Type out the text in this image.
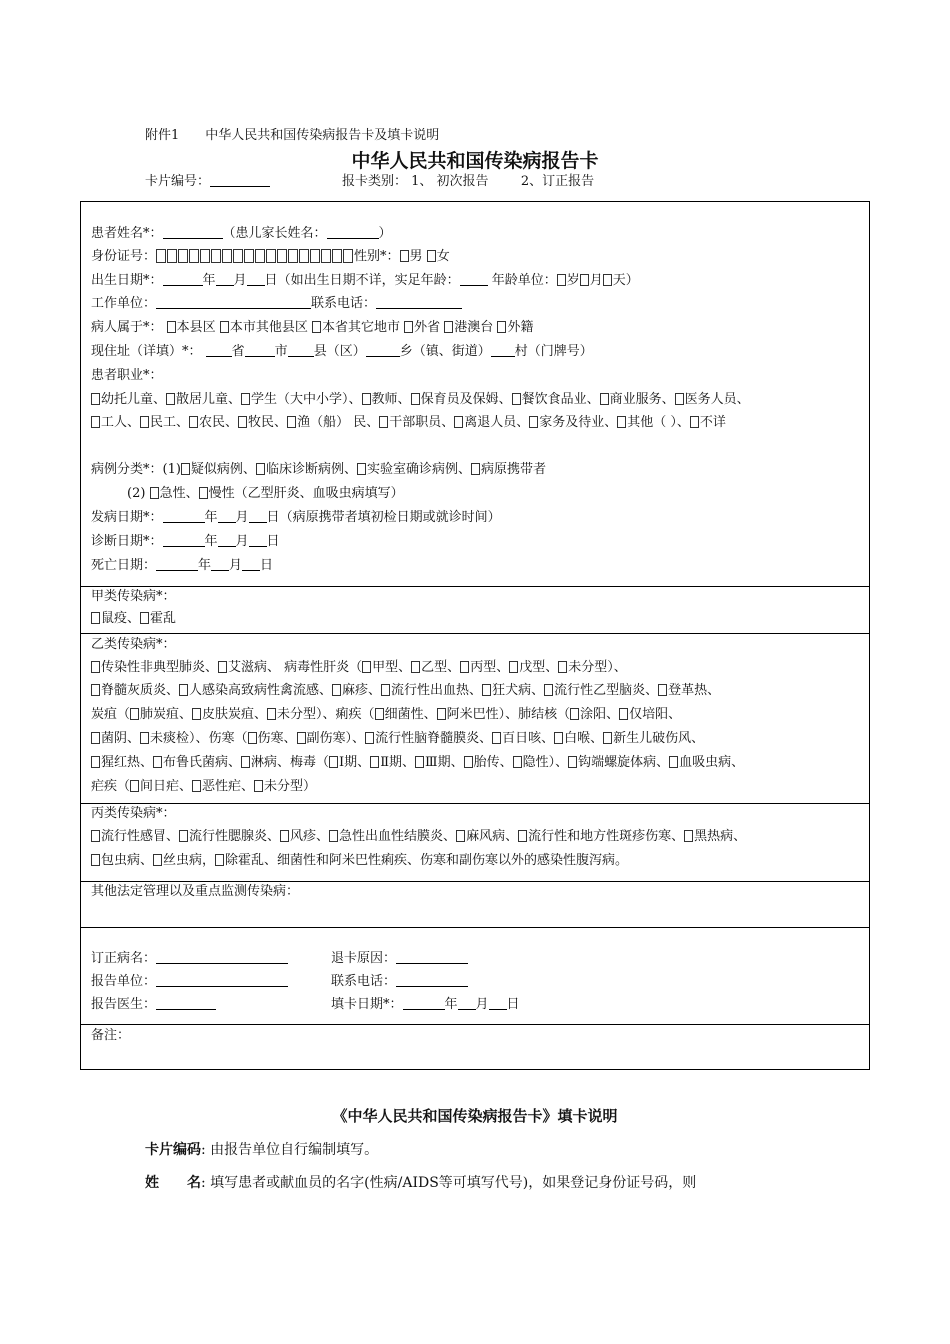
附件1　　中华人民共和国传染病报告卡及填卡说明
中华人民共和国传染病报告卡
卡片编号：	报卡类别： 1、 初次报告 2、订正报告
患者姓名*：	（患儿家长姓名：	）
身份证号：	性别*： 男 女
出生日期*：	年 月 日（如出生日期不详，实足年龄： 年龄单位： 岁 月 天）
工作单位：	联系电话：
病人属于*： 本县区 本市其他县区 本省其它地市 外省 港澳台 外籍
现住址（详填）*： 省 市 县（区）	乡（镇、街道） 村（门牌号）
患者职业*：
幼托儿童、 散居儿童、 学生（大中小学）、 教师、 保育员及保姆、 餐饮食品业、 商业服务、 医务人员、
工人、 民工、 农民、 牧民、 渔（船） 民、 干部职员、 离退人员、 家务及待业、 其他（ ）、 不详
病例分类*：(1) 疑似病例、 临床诊断病例、 实验室确诊病例、 病原携带者
(2) 急性、 慢性（乙型肝炎、血吸虫病填写）
发病日期*：	年 月 日（病原携带者填初检日期或就诊时间）
诊断日期*：	年 月 日
死亡日期：	年 月 日
甲类传染病*：
鼠疫、 霍乱
乙类传染病*：
传染性非典型肺炎、 艾滋病、 病毒性肝炎（ 甲型、 乙型、 丙型、 戊型、 未分型）、
脊髓灰质炎、 人感染高致病性禽流感、 麻疹、 流行性出血热、 狂犬病、 流行性乙型脑炎、 登革热、
炭疽（ 肺炭疽、 皮肤炭疽、 未分型）、痢疾（ 细菌性、 阿米巴性）、肺结核（ 涂阳、 仅培阳、
菌阴、 未痰检）、伤寒（ 伤寒、 副伤寒）、 流行性脑脊髓膜炎、 百日咳、 白喉、 新生儿破伤风、
猩红热、 布鲁氏菌病、 淋病、梅毒（ Ⅰ期、 Ⅱ期、 Ⅲ期、 胎传、 隐性）、 钩端螺旋体病、 血吸虫病、
疟疾（ 间日疟、 恶性疟、 未分型）
丙类传染病*：
流行性感冒、 流行性腮腺炎、 风疹、 急性出血性结膜炎、 麻风病、 流行性和地方性斑疹伤寒、 黑热病、
包虫病、 丝虫病， 除霍乱、细菌性和阿米巴性痢疾、伤寒和副伤寒以外的感染性腹泻病。
其他法定管理以及重点监测传染病：
订正病名：	退卡原因：
报告单位：	联系电话：
报告医生：	填卡日期*：	年 月 日
备注：
《中华人民共和国传染病报告卡》填卡说明
卡片编码: 由报告单位自行编制填写。
姓　　名: 填写患者或献血员的名字(性病/AIDS等可填写代号)，如果登记身份证号码，则
